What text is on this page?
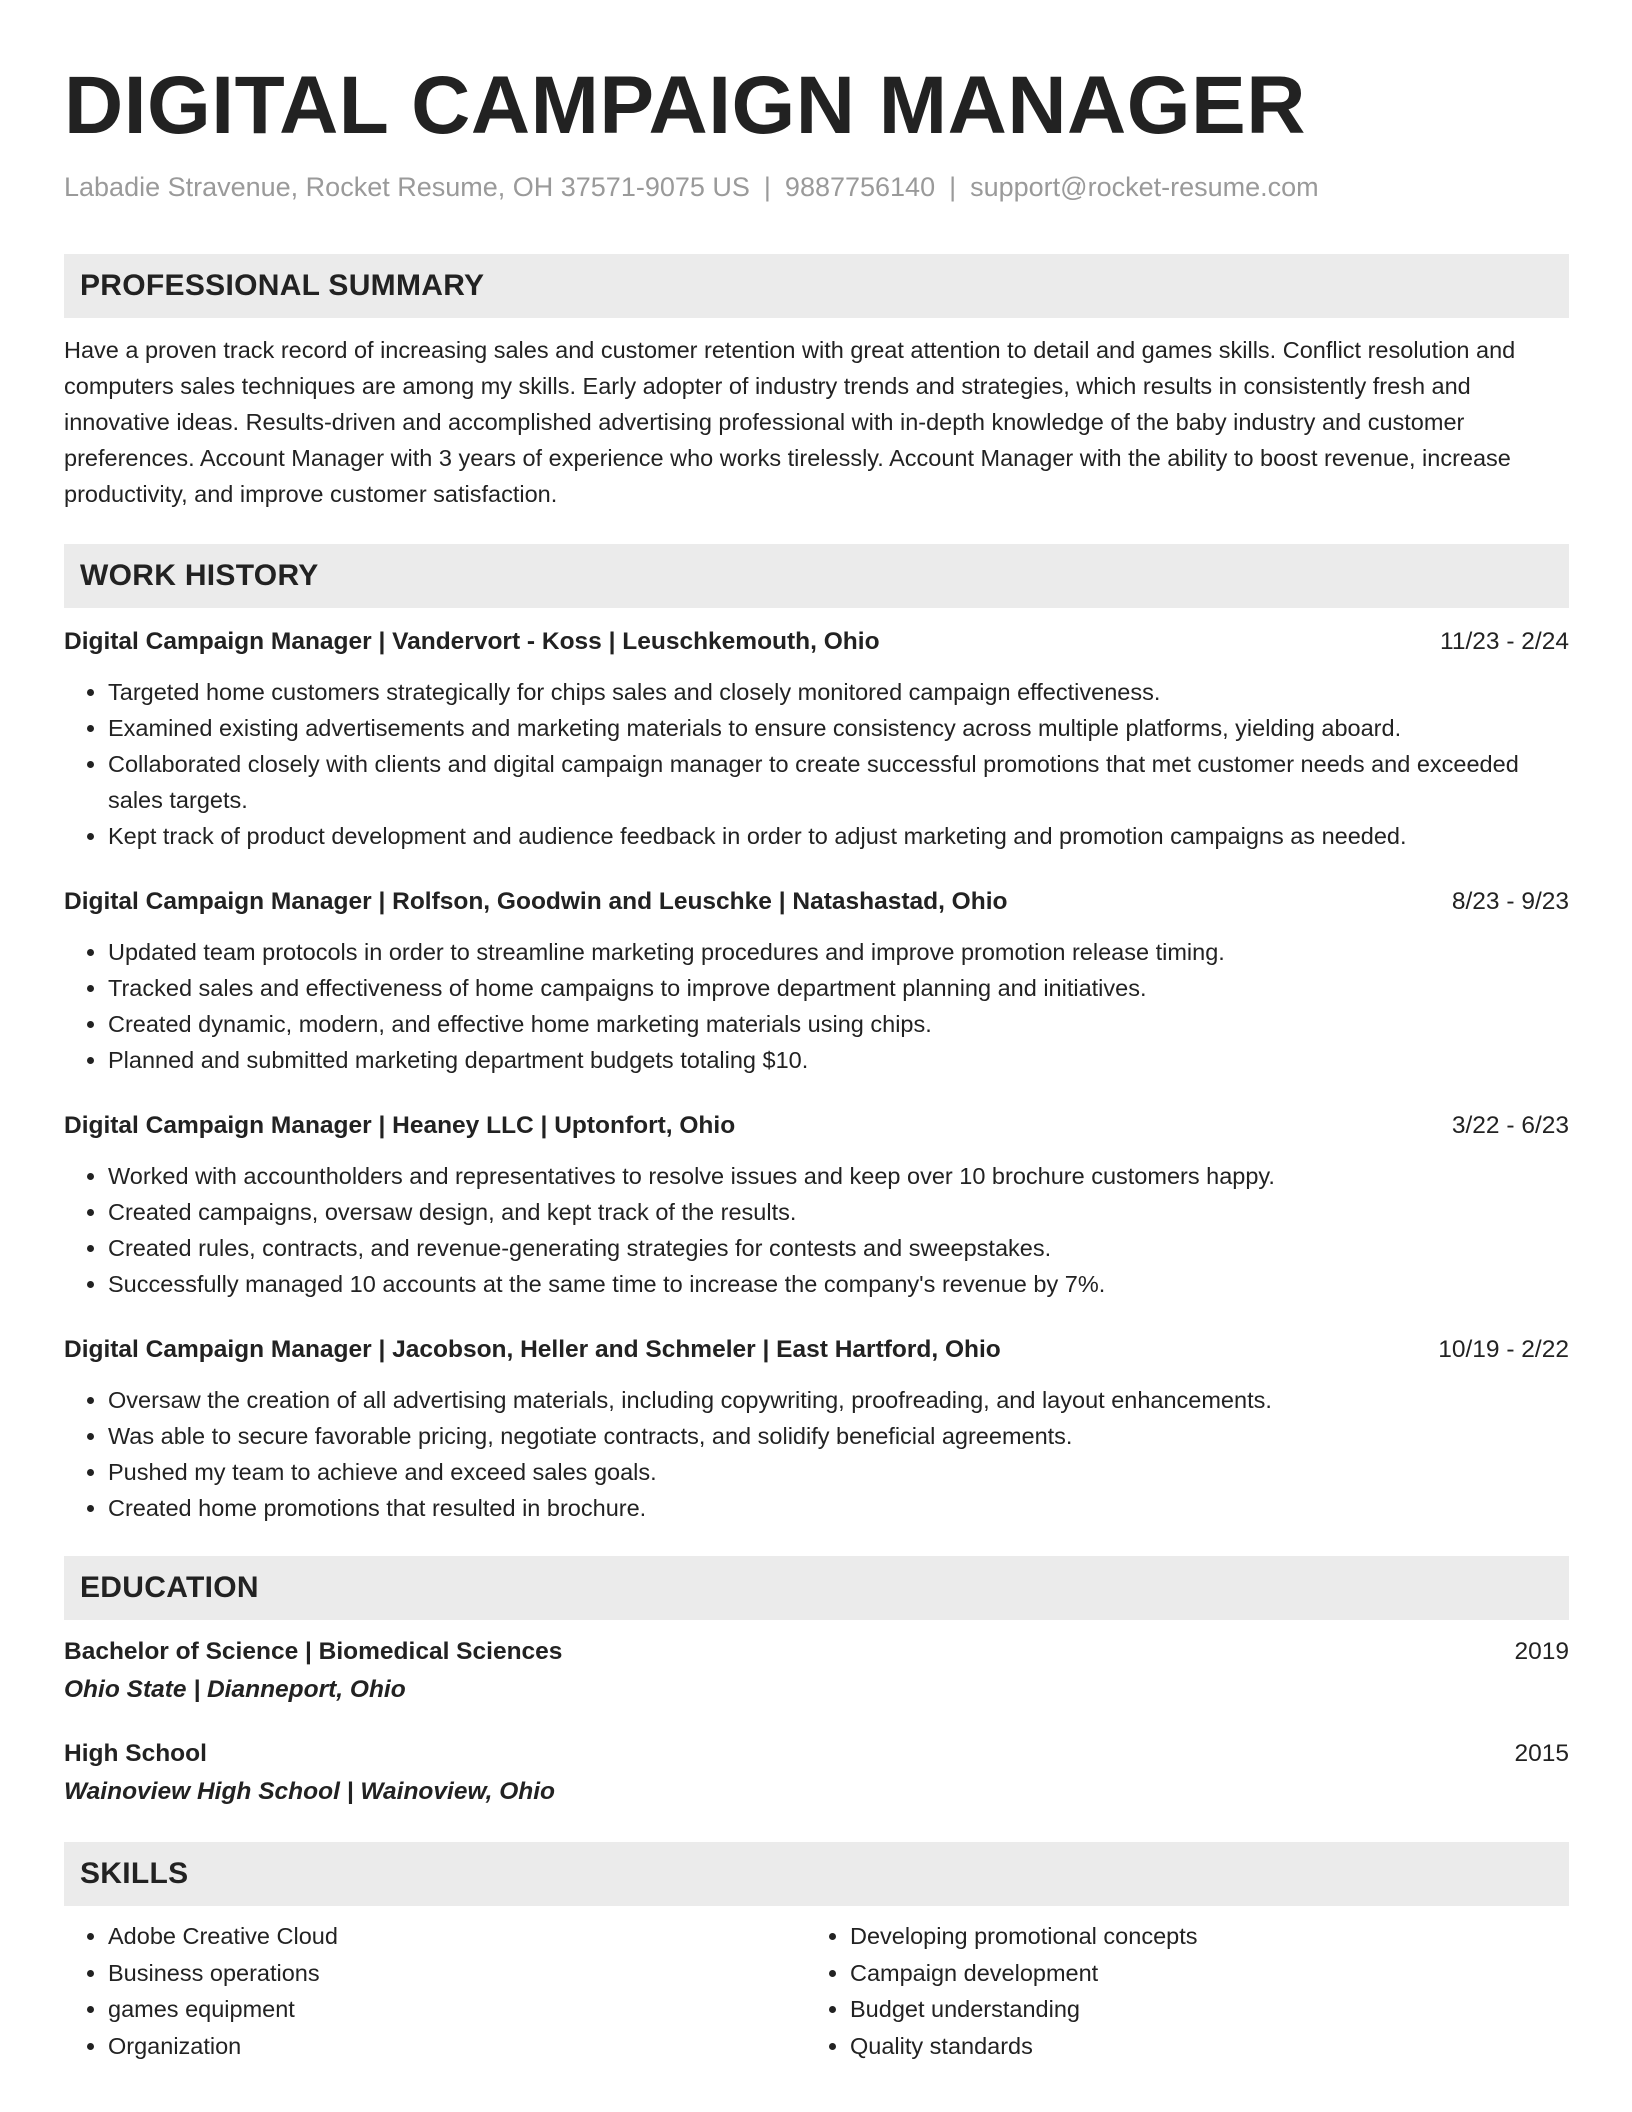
DIGITAL CAMPAIGN MANAGER
Labadie Stravenue, Rocket Resume, OH 37571-9075 US | 9887756140 | support@rocket-resume.com
PROFESSIONAL SUMMARY

Have a proven track record of increasing sales and customer retention with great attention to detail and games skills. Conflict resolution and computers sales techniques are among my skills. Early adopter of industry trends and strategies, which results in consistently fresh and innovative ideas. Results-driven and accomplished advertising professional with in-depth knowledge of the baby industry and customer preferences. Account Manager with 3 years of experience who works tirelessly. Account Manager with the ability to boost revenue, increase productivity, and improve customer satisfaction.

WORK HISTORY
Digital Campaign Manager | Vandervort - Koss | Leuschkemouth, Ohio	11/23 - 2/24
• Targeted home customers strategically for chips sales and closely monitored campaign effectiveness.
• Examined existing advertisements and marketing materials to ensure consistency across multiple platforms, yielding aboard.
• Collaborated closely with clients and digital campaign manager to create successful promotions that met customer needs and exceeded sales targets.
• Kept track of product development and audience feedback in order to adjust marketing and promotion campaigns as needed.
Digital Campaign Manager | Rolfson, Goodwin and Leuschke | Natashastad, Ohio	8/23 - 9/23
• Updated team protocols in order to streamline marketing procedures and improve promotion release timing.
• Tracked sales and effectiveness of home campaigns to improve department planning and initiatives.
• Created dynamic, modern, and effective home marketing materials using chips.
• Planned and submitted marketing department budgets totaling $10.
Digital Campaign Manager | Heaney LLC | Uptonfort, Ohio	3/22 - 6/23
• Worked with accountholders and representatives to resolve issues and keep over 10 brochure customers happy.
• Created campaigns, oversaw design, and kept track of the results.
• Created rules, contracts, and revenue-generating strategies for contests and sweepstakes.
• Successfully managed 10 accounts at the same time to increase the company's revenue by 7%.
Digital Campaign Manager | Jacobson, Heller and Schmeler | East Hartford, Ohio	10/19 - 2/22
• Oversaw the creation of all advertising materials, including copywriting, proofreading, and layout enhancements.
• Was able to secure favorable pricing, negotiate contracts, and solidify beneficial agreements.
• Pushed my team to achieve and exceed sales goals.
• Created home promotions that resulted in brochure.
EDUCATION
Bachelor of Science | Biomedical Sciences	2019
Ohio State | Dianneport, Ohio
High School	2015
Wainoview High School | Wainoview, Ohio
SKILLS
• Adobe Creative Cloud
• Business operations
• games equipment
• Organization
• Developing promotional concepts
• Campaign development
• Budget understanding
• Quality standards
